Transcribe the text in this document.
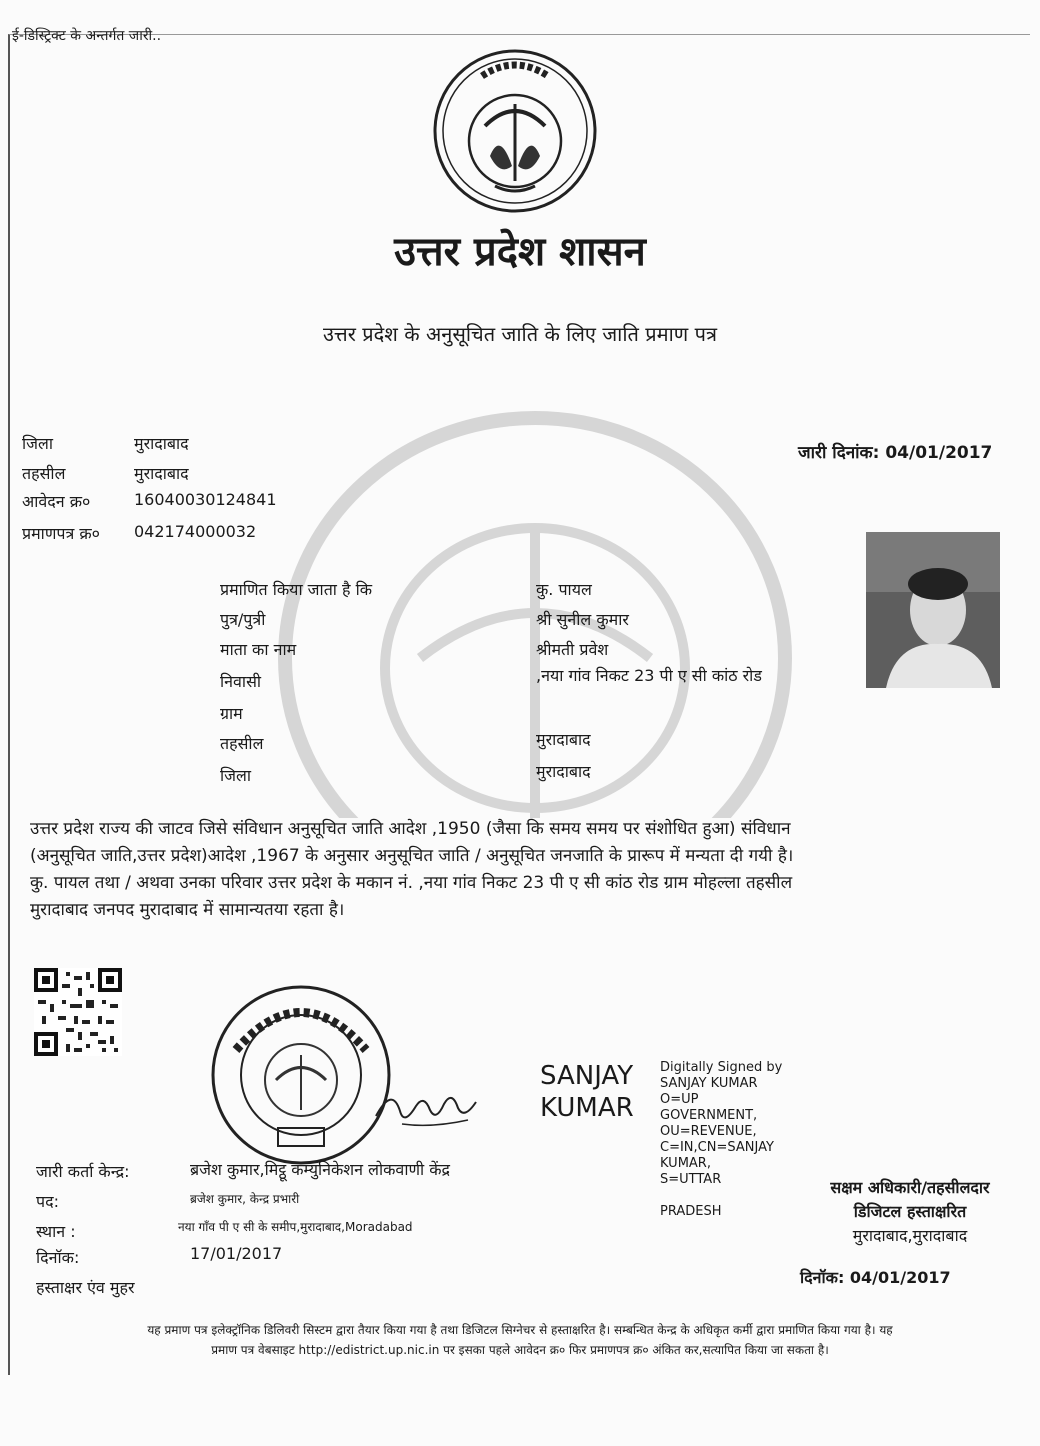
ई-डिस्ट्रिक्ट के अन्तर्गत जारी..
उत्तर प्रदेश शासन
उत्तर प्रदेश के अनुसूचित जाति के लिए जाति प्रमाण पत्र
जिला	मुरादाबाद
तहसील	मुरादाबाद
आवेदन क्र०	16040030124841
प्रमाणपत्र क्र० 042174000032
जारी दिनांक: 04/01/2017
प्रमाणित किया जाता है कि	कु. पायल
पुत्र/पुत्री	श्री सुनील कुमार
माता का नाम	श्रीमती प्रवेश
निवासी	,नया गांव निकट 23 पी ए सी कांठ रोड
ग्राम
तहसील	मुरादाबाद
जिला	मुरादाबाद

उत्तर प्रदेश राज्य की जाटव जिसे संविधान अनुसूचित जाति आदेश ,1950 (जैसा कि समय समय पर संशोधित हुआ) संविधान

(अनुसूचित जाति,उत्तर प्रदेश)आदेश ,1967 के अनुसार अनुसूचित जाति / अनुसूचित जनजाति के प्रारूप में मन्यता दी गयी है।

कु. पायल तथा / अथवा उनका परिवार उत्तर प्रदेश के मकान नं. ,नया गांव निकट 23 पी ए सी कांठ रोड ग्राम मोहल्ला तहसील

मुरादाबाद जनपद मुरादाबाद में सामान्यतया रहता है।

जारी कर्ता केन्द्र:	ब्रजेश कुमार,मिट्ठू कम्युनिकेशन लोकवाणी केंद्र
पद:	ब्रजेश कुमार, केन्द्र प्रभारी
स्थान :	नया गाँव पी ए सी के समीप,मुरादाबाद,Moradabad
दिनॉक:	17/01/2017
हस्ताक्षर एंव मुहर
SANJAY
KUMAR
Digitally Signed by
SANJAY KUMAR
O=UP
GOVERNMENT,
OU=REVENUE,
C=IN,CN=SANJAY
KUMAR,
S=UTTAR
PRADESH
सक्षम अधिकारी/तहसीलदार
डिजिटल हस्ताक्षरित
मुरादाबाद,मुरादाबाद
दिनॉक: 04/01/2017
यह प्रमाण पत्र इलेक्ट्रॉनिक डिलिवरी सिस्टम द्वारा तैयार किया गया है तथा डिजिटल सिग्नेचर से हस्ताक्षरित है। सम्बन्धित केन्द्र के अधिकृत कर्मी द्वारा प्रमाणित किया गया है। यह
प्रमाण पत्र वेबसाइट http://edistrict.up.nic.in पर इसका पहले आवेदन क्र० फिर प्रमाणपत्र क्र० अंकित कर,सत्यापित किया जा सकता है।
